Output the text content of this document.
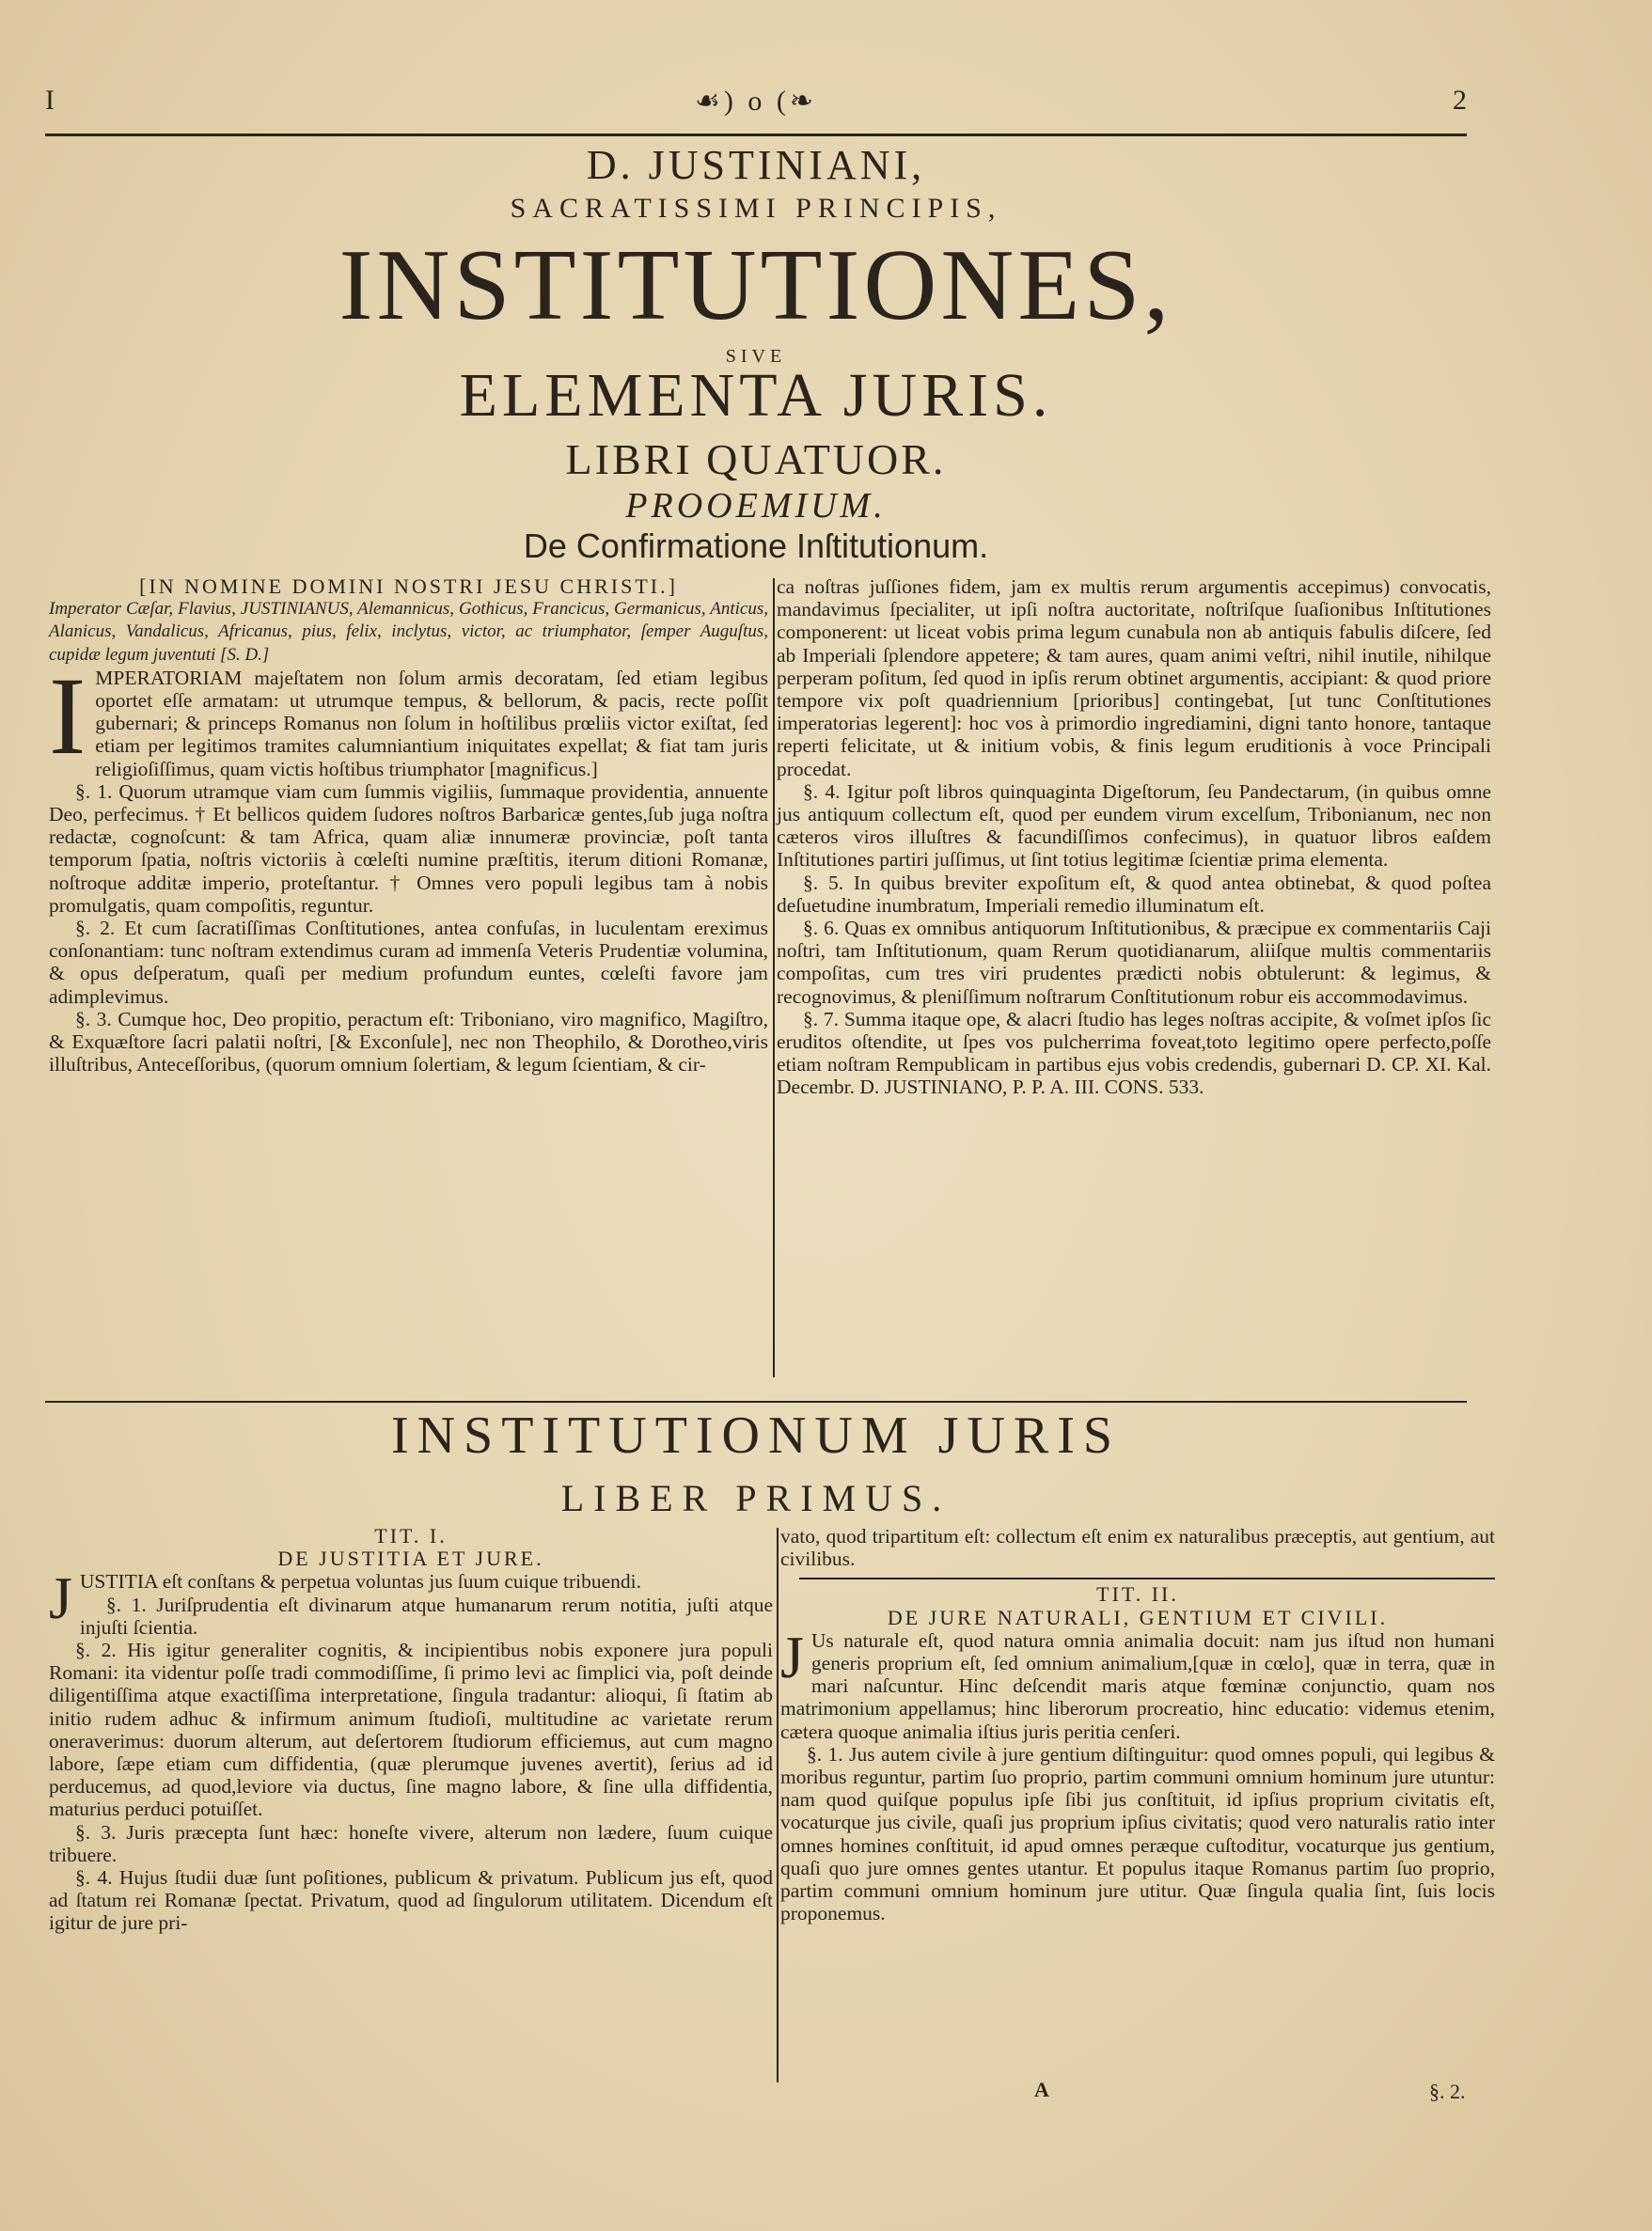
I	☙) o (❧	2
D. JUSTINIANI,
SACRATISSIMI PRINCIPIS,
INSTITUTIONES,
SIVE
ELEMENTA JURIS.
LIBRI QUATUOR.
PROOEMIUM.
De Confirmatione Inſtitutionum.

[IN NOMINE DOMINI NOSTRI JESU CHRISTI.]

Imperator Cæſar, Flavius, JUSTINIANUS, Alemannicus, Gothicus, Francicus, Germanicus, Anticus, Alanicus, Vandalicus, Africanus, pius, felix, inclytus, victor, ac triumphator, ſemper Auguſtus, cupidæ legum juventuti [S. D.]

IMPERATORIAM majeſtatem non ſolum armis decoratam, ſed etiam legibus oportet eſſe armatam: ut utrumque tempus, & bellorum, & pacis, recte poſſit gubernari; & princeps Romanus non ſolum in hoſtilibus prœliis victor exiſtat, ſed etiam per legitimos tramites calumniantium iniquitates expellat; & fiat tam juris religioſiſſimus, quam victis hoſtibus triumphator [magnificus.]

§. 1. Quorum utramque viam cum ſummis vigiliis, ſummaque providentia, annuente Deo, perfecimus. † Et bellicos quidem ſudores noſtros Barbaricæ gentes,ſub juga noſtra redactæ, cognoſcunt: & tam Africa, quam aliæ innumeræ provinciæ, poſt tanta temporum ſpatia, noſtris victoriis à cœleſti numine præſtitis, iterum ditioni Romanæ, noſtroque additæ imperio, proteſtantur. † Omnes vero populi legibus tam à nobis promulgatis, quam compoſitis, reguntur.

§. 2. Et cum ſacratiſſimas Conſtitutiones, antea confuſas, in luculentam ereximus conſonantiam: tunc noſtram extendimus curam ad immenſa Veteris Prudentiæ volumina, & opus deſperatum, quaſi per medium profundum euntes, cœleſti favore jam adimplevimus.

§. 3. Cumque hoc, Deo propitio, peractum eſt: Triboniano, viro magnifico, Magiſtro, & Exquæſtore ſacri palatii noſtri, [& Exconſule], nec non Theophilo, & Dorotheo,viris illuſtribus, Anteceſſoribus, (quorum omnium ſolertiam, & legum ſcientiam, & cir-

ca noſtras juſſiones fidem, jam ex multis rerum argumentis accepimus) convocatis, mandavimus ſpecialiter, ut ipſi noſtra auctoritate, noſtriſque ſuaſionibus Inſtitutiones componerent: ut liceat vobis prima legum cunabula non ab antiquis fabulis diſcere, ſed ab Imperiali ſplendore appetere; & tam aures, quam animi veſtri, nihil inutile, nihilque perperam poſitum, ſed quod in ipſis rerum obtinet argumentis, accipiant: & quod priore tempore vix poſt quadriennium [prioribus] contingebat, [ut tunc Conſtitutiones imperatorias legerent]: hoc vos à primordio ingrediamini, digni tanto honore, tantaque reperti felicitate, ut & initium vobis, & finis legum eruditionis à voce Principali procedat.

§. 4. Igitur poſt libros quinquaginta Digeſtorum, ſeu Pandectarum, (in quibus omne jus antiquum collectum eſt, quod per eundem virum excelſum, Tribonianum, nec non cæteros viros illuſtres & facundiſſimos confecimus), in quatuor libros eaſdem Inſtitutiones partiri juſſimus, ut ſint totius legitimæ ſcientiæ prima elementa.

§. 5. In quibus breviter expoſitum eſt, & quod antea obtinebat, & quod poſtea deſuetudine inumbratum, Imperiali remedio illuminatum eſt.

§. 6. Quas ex omnibus antiquorum Inſtitutionibus, & præcipue ex commentariis Caji noſtri, tam Inſtitutionum, quam Rerum quotidianarum, aliiſque multis commentariis compoſitas, cum tres viri prudentes prædicti nobis obtulerunt: & legimus, & recognovimus, & pleniſſimum noſtrarum Conſtitutionum robur eis accommodavimus.

§. 7. Summa itaque ope, & alacri ſtudio has leges noſtras accipite, & voſmet ipſos ſic eruditos oſtendite, ut ſpes vos pulcherrima foveat,toto legitimo opere perfecto,poſſe etiam noſtram Rempublicam in partibus ejus vobis credendis, gubernari D. CP. XI. Kal. Decembr. D. JUSTINIANO, P. P. A. III. CONS. 533.

INSTITUTIONUM JURIS
LIBER PRIMUS.

TIT. I.

DE JUSTITIA ET JURE.

JUSTITIA eſt conſtans & perpetua voluntas jus ſuum cuique tribuendi.

§. 1. Juriſprudentia eſt divinarum atque humanarum rerum notitia, juſti atque injuſti ſcientia.

§. 2. His igitur generaliter cognitis, & incipientibus nobis exponere jura populi Romani: ita videntur poſſe tradi commodiſſime, ſi primo levi ac ſimplici via, poſt deinde diligentiſſima atque exactiſſima interpretatione, ſingula tradantur: alioqui, ſi ſtatim ab initio rudem adhuc & infirmum animum ſtudioſi, multitudine ac varietate rerum oneraverimus: duorum alterum, aut deſertorem ſtudiorum efficiemus, aut cum magno labore, ſæpe etiam cum diffidentia, (quæ plerumque juvenes avertit), ſerius ad id perducemus, ad quod,leviore via ductus, ſine magno labore, & ſine ulla diffidentia, maturius perduci potuiſſet.

§. 3. Juris præcepta ſunt hæc: honeſte vivere, alterum non lædere, ſuum cuique tribuere.

§. 4. Hujus ſtudii duæ ſunt poſitiones, publicum & privatum. Publicum jus eſt, quod ad ſtatum rei Romanæ ſpectat. Privatum, quod ad ſingulorum utilitatem. Dicendum eſt igitur de jure pri-

vato, quod tripartitum eſt: collectum eſt enim ex naturalibus præceptis, aut gentium, aut civilibus.

TIT. II.

DE JURE NATURALI, GENTIUM ET CIVILI.

J Us naturale eſt, quod natura omnia animalia docuit: nam jus iſtud non humani generis proprium eſt, ſed omnium animalium,[quæ in cœlo], quæ in terra, quæ in mari naſcuntur. Hinc deſcendit maris atque fœminæ conjunctio, quam nos matrimonium appellamus; hinc liberorum procreatio, hinc educatio: videmus etenim, cætera quoque animalia iſtius juris peritia cenſeri.

§. 1. Jus autem civile à jure gentium diſtinguitur: quod omnes populi, qui legibus & moribus reguntur, partim ſuo proprio, partim communi omnium hominum jure utuntur: nam quod quiſque populus ipſe ſibi jus conſtituit, id ipſius proprium civitatis eſt, vocaturque jus civile, quaſi jus proprium ipſius civitatis; quod vero naturalis ratio inter omnes homines conſtituit, id apud omnes peræque cuſtoditur, vocaturque jus gentium, quaſi quo jure omnes gentes utantur. Et populus itaque Romanus partim ſuo proprio, partim communi omnium hominum jure utitur. Quæ ſingula qualia ſint, ſuis locis proponemus.

A	§. 2.
